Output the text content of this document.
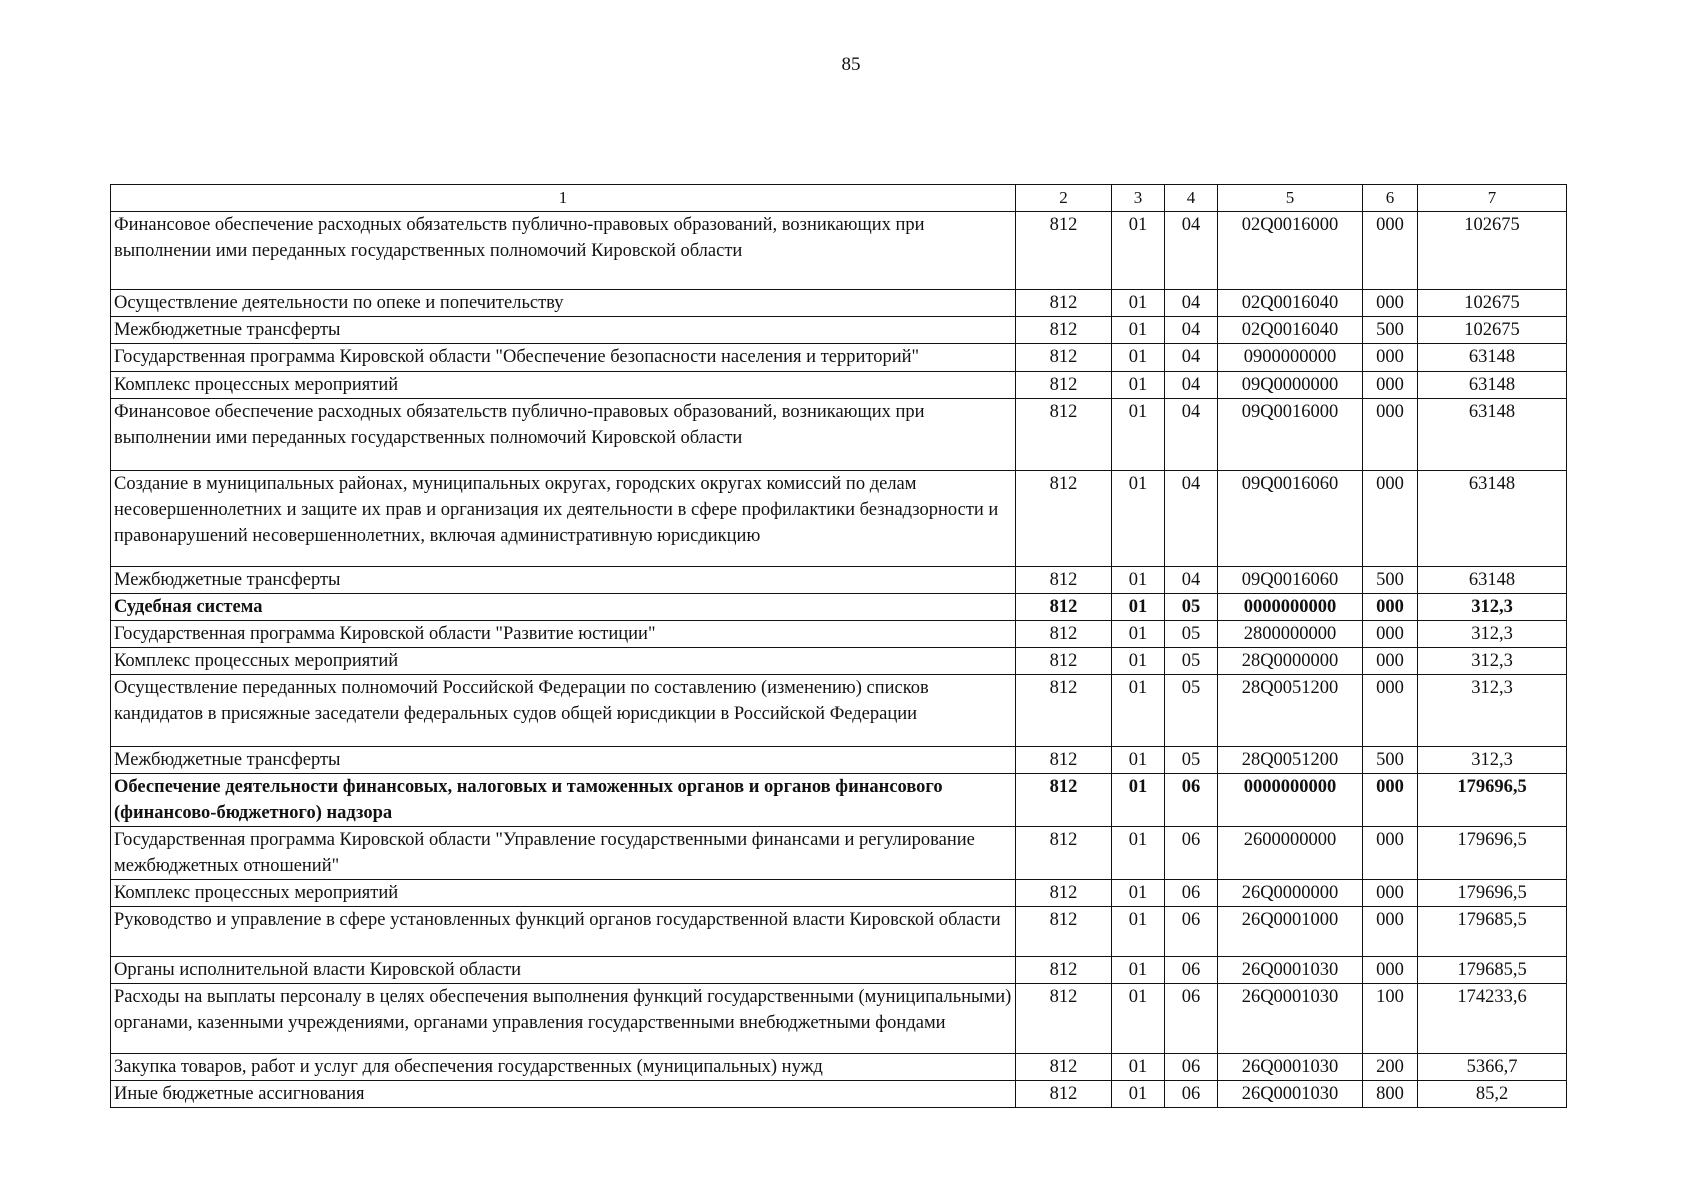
85
1	2	3	4	5	6	7
Финансовое обеспечение расходных обязательств публично-правовых образований, возникающих при выполнении ими переданных государственных полномочий Кировской области	812	01	04	02Q0016000	000	102675
Осуществление деятельности по опеке и попечительству	812	01	04	02Q0016040	000	102675
Межбюджетные трансферты	812	01	04	02Q0016040	500	102675
Государственная программа Кировской области "Обеспечение безопасности населения и территорий"	812	01	04	0900000000	000	63148
Комплекс процессных мероприятий	812	01	04	09Q0000000	000	63148
Финансовое обеспечение расходных обязательств публично-правовых образований, возникающих при выполнении ими переданных государственных полномочий Кировской области	812	01	04	09Q0016000	000	63148
Создание в муниципальных районах, муниципальных округах, городских округах комиссий по делам несовершеннолетних и защите их прав и организация их деятельности в сфере профилактики безнадзорности и правонарушений несовершеннолетних, включая административную юрисдикцию	812	01	04	09Q0016060	000	63148
Межбюджетные трансферты	812	01	04	09Q0016060	500	63148
Судебная система	812	01	05	0000000000	000	312,3
Государственная программа Кировской области "Развитие юстиции"	812	01	05	2800000000	000	312,3
Комплекс процессных мероприятий	812	01	05	28Q0000000	000	312,3
Осуществление переданных полномочий Российской Федерации по составлению (изменению) списков кандидатов в присяжные заседатели федеральных судов общей юрисдикции в Российской Федерации	812	01	05	28Q0051200	000	312,3
Межбюджетные трансферты	812	01	05	28Q0051200	500	312,3
Обеспечение деятельности финансовых, налоговых и таможенных органов и органов финансового (финансово-бюджетного) надзора	812	01	06	0000000000	000	179696,5
Государственная программа Кировской области "Управление государственными финансами и регулирование межбюджетных отношений"	812	01	06	2600000000	000	179696,5
Комплекс процессных мероприятий	812	01	06	26Q0000000	000	179696,5
Руководство и управление в сфере установленных функций органов государственной власти Кировской области	812	01	06	26Q0001000	000	179685,5
Органы исполнительной власти Кировской области	812	01	06	26Q0001030	000	179685,5
Расходы на выплаты персоналу в целях обеспечения выполнения функций государственными (муниципальными) органами, казенными учреждениями, органами управления государственными внебюджетными фондами	812	01	06	26Q0001030	100	174233,6
Закупка товаров, работ и услуг для обеспечения государственных (муниципальных) нужд	812	01	06	26Q0001030	200	5366,7
Иные бюджетные ассигнования	812	01	06	26Q0001030	800	85,2
